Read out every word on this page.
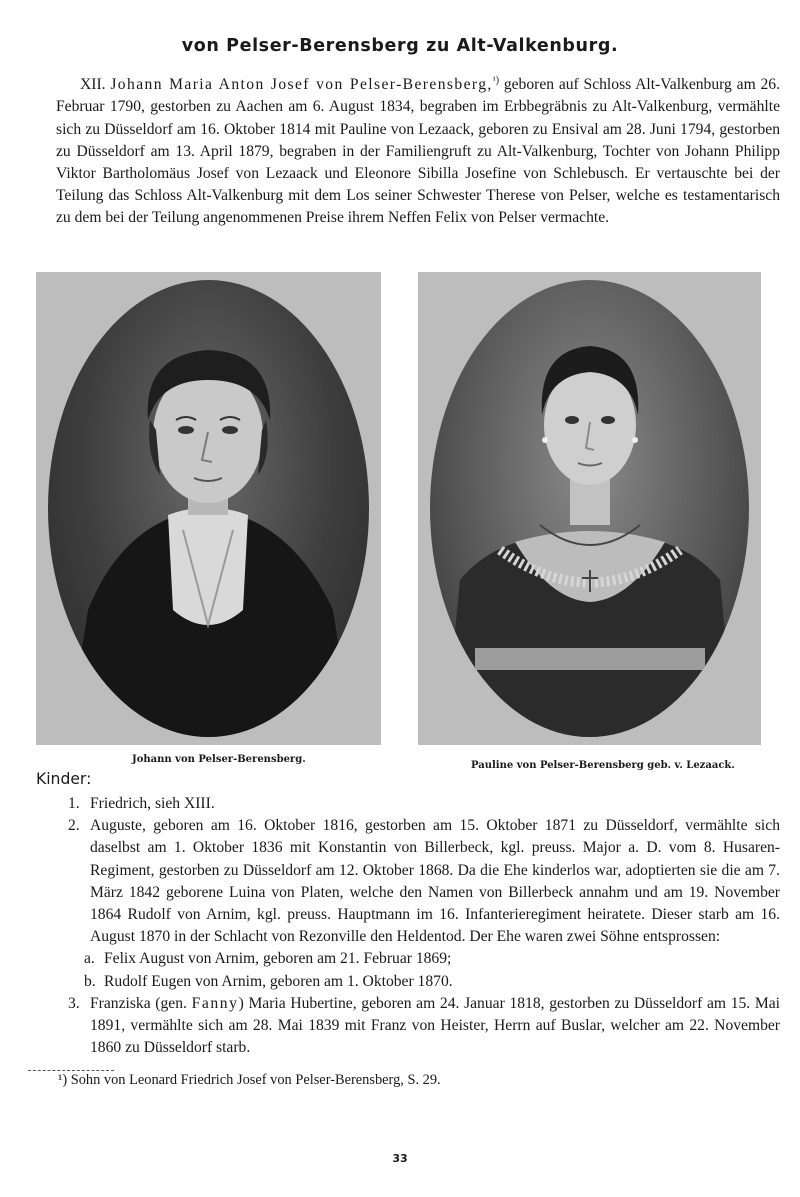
von Pelser-Berensberg zu Alt-Valkenburg.
XII. Johann Maria Anton Josef von Pelser-Berensberg,$^{^1)}$ geboren auf Schloss Alt-Valkenburg am 26. Februar 1790, gestorben zu Aachen am 6. August 1834, begraben im Erbbegräbnis zu Alt-Valkenburg, vermählte sich zu Düsseldorf am 16. Oktober 1814 mit Pauline von Lezaack, geboren zu Ensival am 28. Juni 1794, gestorben zu Düsseldorf am 13. April 1879, begraben in der Familiengruft zu Alt-Valkenburg, Tochter von Johann Philipp Viktor Bartholomäus Josef von Lezaack und Eleonore Sibilla Josefine von Schlebusch. Er vertauschte bei der Teilung das Schloss Alt-Valkenburg mit dem Los seiner Schwester Therese von Pelser, welche es testamentarisch zu dem bei der Teilung angenommenen Preise ihrem Neffen Felix von Pelser vermachte.
Johann von Pelser-Berensberg.
Pauline von Pelser-Berensberg geb. v. Lezaack.
Kinder:
1. Friedrich, sieh XIII.
2. Auguste, geboren am 16. Oktober 1816, gestorben am 15. Oktober 1871 zu Düsseldorf, vermählte sich daselbst am 1. Oktober 1836 mit Konstantin von Billerbeck, kgl. preuss. Major a. D. vom 8. Husaren-Regiment, gestorben zu Düsseldorf am 12. Oktober 1868. Da die Ehe kinderlos war, adoptierten sie die am 7. März 1842 geborene Luina von Platen, welche den Namen von Billerbeck annahm und am 19. November 1864 Rudolf von Arnim, kgl. preuss. Hauptmann im 16. Infanterieregiment heiratete. Dieser starb am 16. August 1870 in der Schlacht von Rezonville den Heldentod. Der Ehe waren zwei Söhne entsprossen:
a. Felix August von Arnim, geboren am 21. Februar 1869;
b. Rudolf Eugen von Arnim, geboren am 1. Oktober 1870.
3. Franziska (gen. Fanny) Maria Hubertine, geboren am 24. Januar 1818, gestorben zu Düsseldorf am 15. Mai 1891, vermählte sich am 28. Mai 1839 mit Franz von Heister, Herrn auf Buslar, welcher am 22. November 1860 zu Düsseldorf starb.
¹) Sohn von Leonard Friedrich Josef von Pelser-Berensberg, S. 29.
33
